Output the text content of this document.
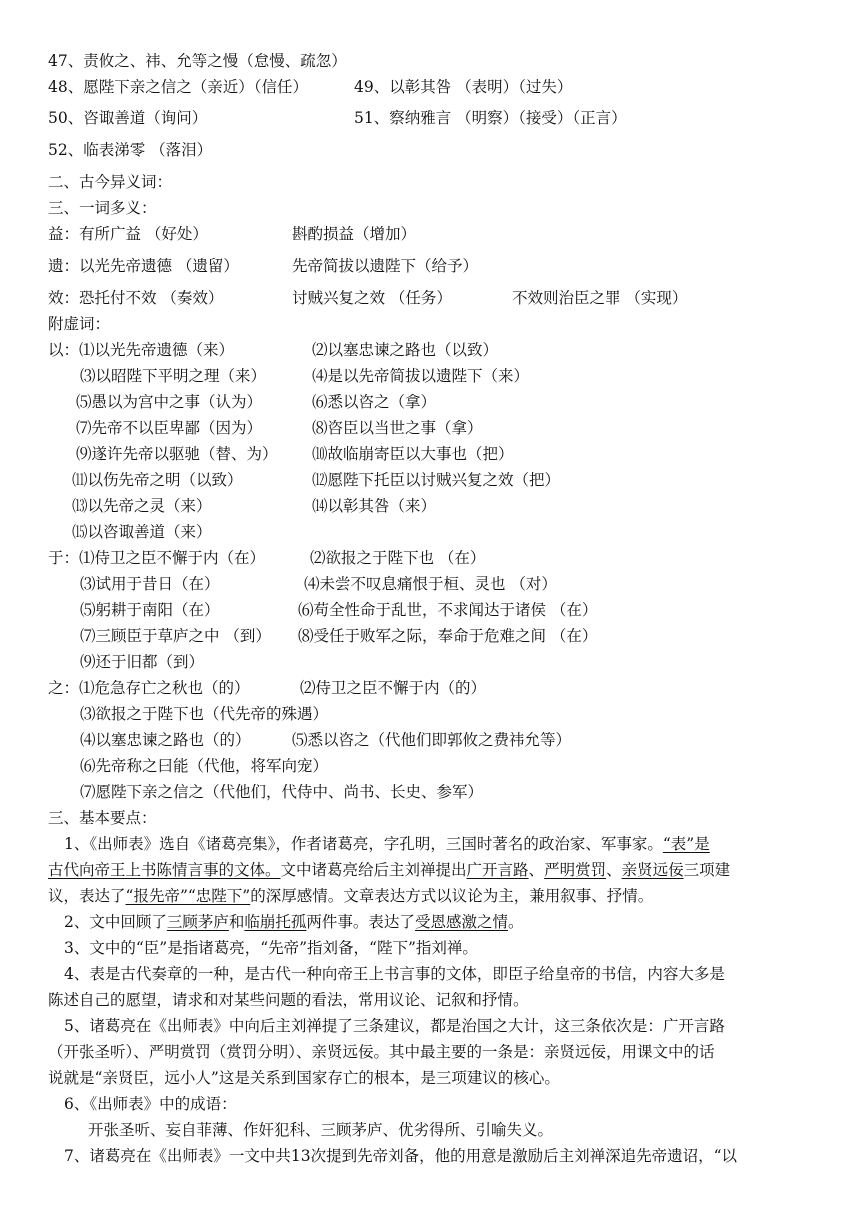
47、责攸之、祎、允等之慢（怠慢、疏忽）
48、愿陛下亲之信之（亲近）（信任）	49、以彰其咎 （表明）（过失）
50、咨诹善道（询问）	51、察纳雅言 （明察）（接受）（正言）
52、临表涕零 （落泪）
二、古今异义词：
三、一词多义：
益：有所广益 （好处）	斟酌损益（增加）
遗：以光先帝遗德 （遗留）	先帝简拔以遗陛下（给予）
效：恐托付不效 （奏效）	讨贼兴复之效 （任务）	不效则治臣之罪 （实现）
附虚词：
以：⑴以光先帝遗德（来）	⑵以塞忠谏之路也（以致）
⑶以昭陛下平明之理（来）	⑷是以先帝简拔以遗陛下（来）
⑸愚以为宫中之事（认为）	⑹悉以咨之（拿）
⑺先帝不以臣卑鄙（因为）	⑻咨臣以当世之事（拿）
⑼遂许先帝以驱驰（替、为） ⑽故临崩寄臣以大事也（把）
⑾以伤先帝之明（以致）	⑿愿陛下托臣以讨贼兴复之效（把）
⒀以先帝之灵（来）	⒁以彰其咎（来）
⒂以咨诹善道（来）
于：⑴侍卫之臣不懈于内（在）	⑵欲报之于陛下也 （在）
⑶试用于昔日（在）	⑷未尝不叹息痛恨于桓、灵也 （对）
⑸躬耕于南阳（在）	⑹苟全性命于乱世，不求闻达于诸侯 （在）
⑺三顾臣于草庐之中 （到） ⑻受任于败军之际，奉命于危难之间 （在）
⑼还于旧都（到）
之：⑴危急存亡之秋也（的）	⑵侍卫之臣不懈于内（的）
⑶欲报之于陛下也（代先帝的殊遇）
⑷以塞忠谏之路也（的）	⑸悉以咨之（代他们即郭攸之费祎允等）
⑹先帝称之曰能（代他，将军向宠）
⑺愿陛下亲之信之（代他们，代侍中、尚书、长史、参军）
三、基本要点：
1、《出师表》选自《诸葛亮集》，作者诸葛亮，字孔明，三国时著名的政治家、军事家。“表”是
古代向帝王上书陈情言事的文体。文中诸葛亮给后主刘禅提出广开言路、严明赏罚、亲贤远佞三项建
议，表达了“报先帝”“忠陛下”的深厚感情。文章表达方式以议论为主，兼用叙事、抒情。
2、文中回顾了三顾茅庐和临崩托孤两件事。表达了受恩感激之情。
3、文中的“臣”是指诸葛亮，“先帝”指刘备，“陛下”指刘禅。
4、表是古代奏章的一种，是古代一种向帝王上书言事的文体，即臣子给皇帝的书信，内容大多是
陈述自己的愿望，请求和对某些问题的看法，常用议论、记叙和抒情。
5、诸葛亮在《出师表》中向后主刘禅提了三条建议，都是治国之大计，这三条依次是：广开言路
（开张圣听）、严明赏罚（赏罚分明）、亲贤远佞。其中最主要的一条是：亲贤远佞，用课文中的话
说就是“亲贤臣，远小人”这是关系到国家存亡的根本，是三项建议的核心。
6、《出师表》中的成语：
开张圣听、妄自菲薄、作奸犯科、三顾茅庐、优劣得所、引喻失义。
7、诸葛亮在《出师表》一文中共13次提到先帝刘备，他的用意是激励后主刘禅深追先帝遗诏，“以
